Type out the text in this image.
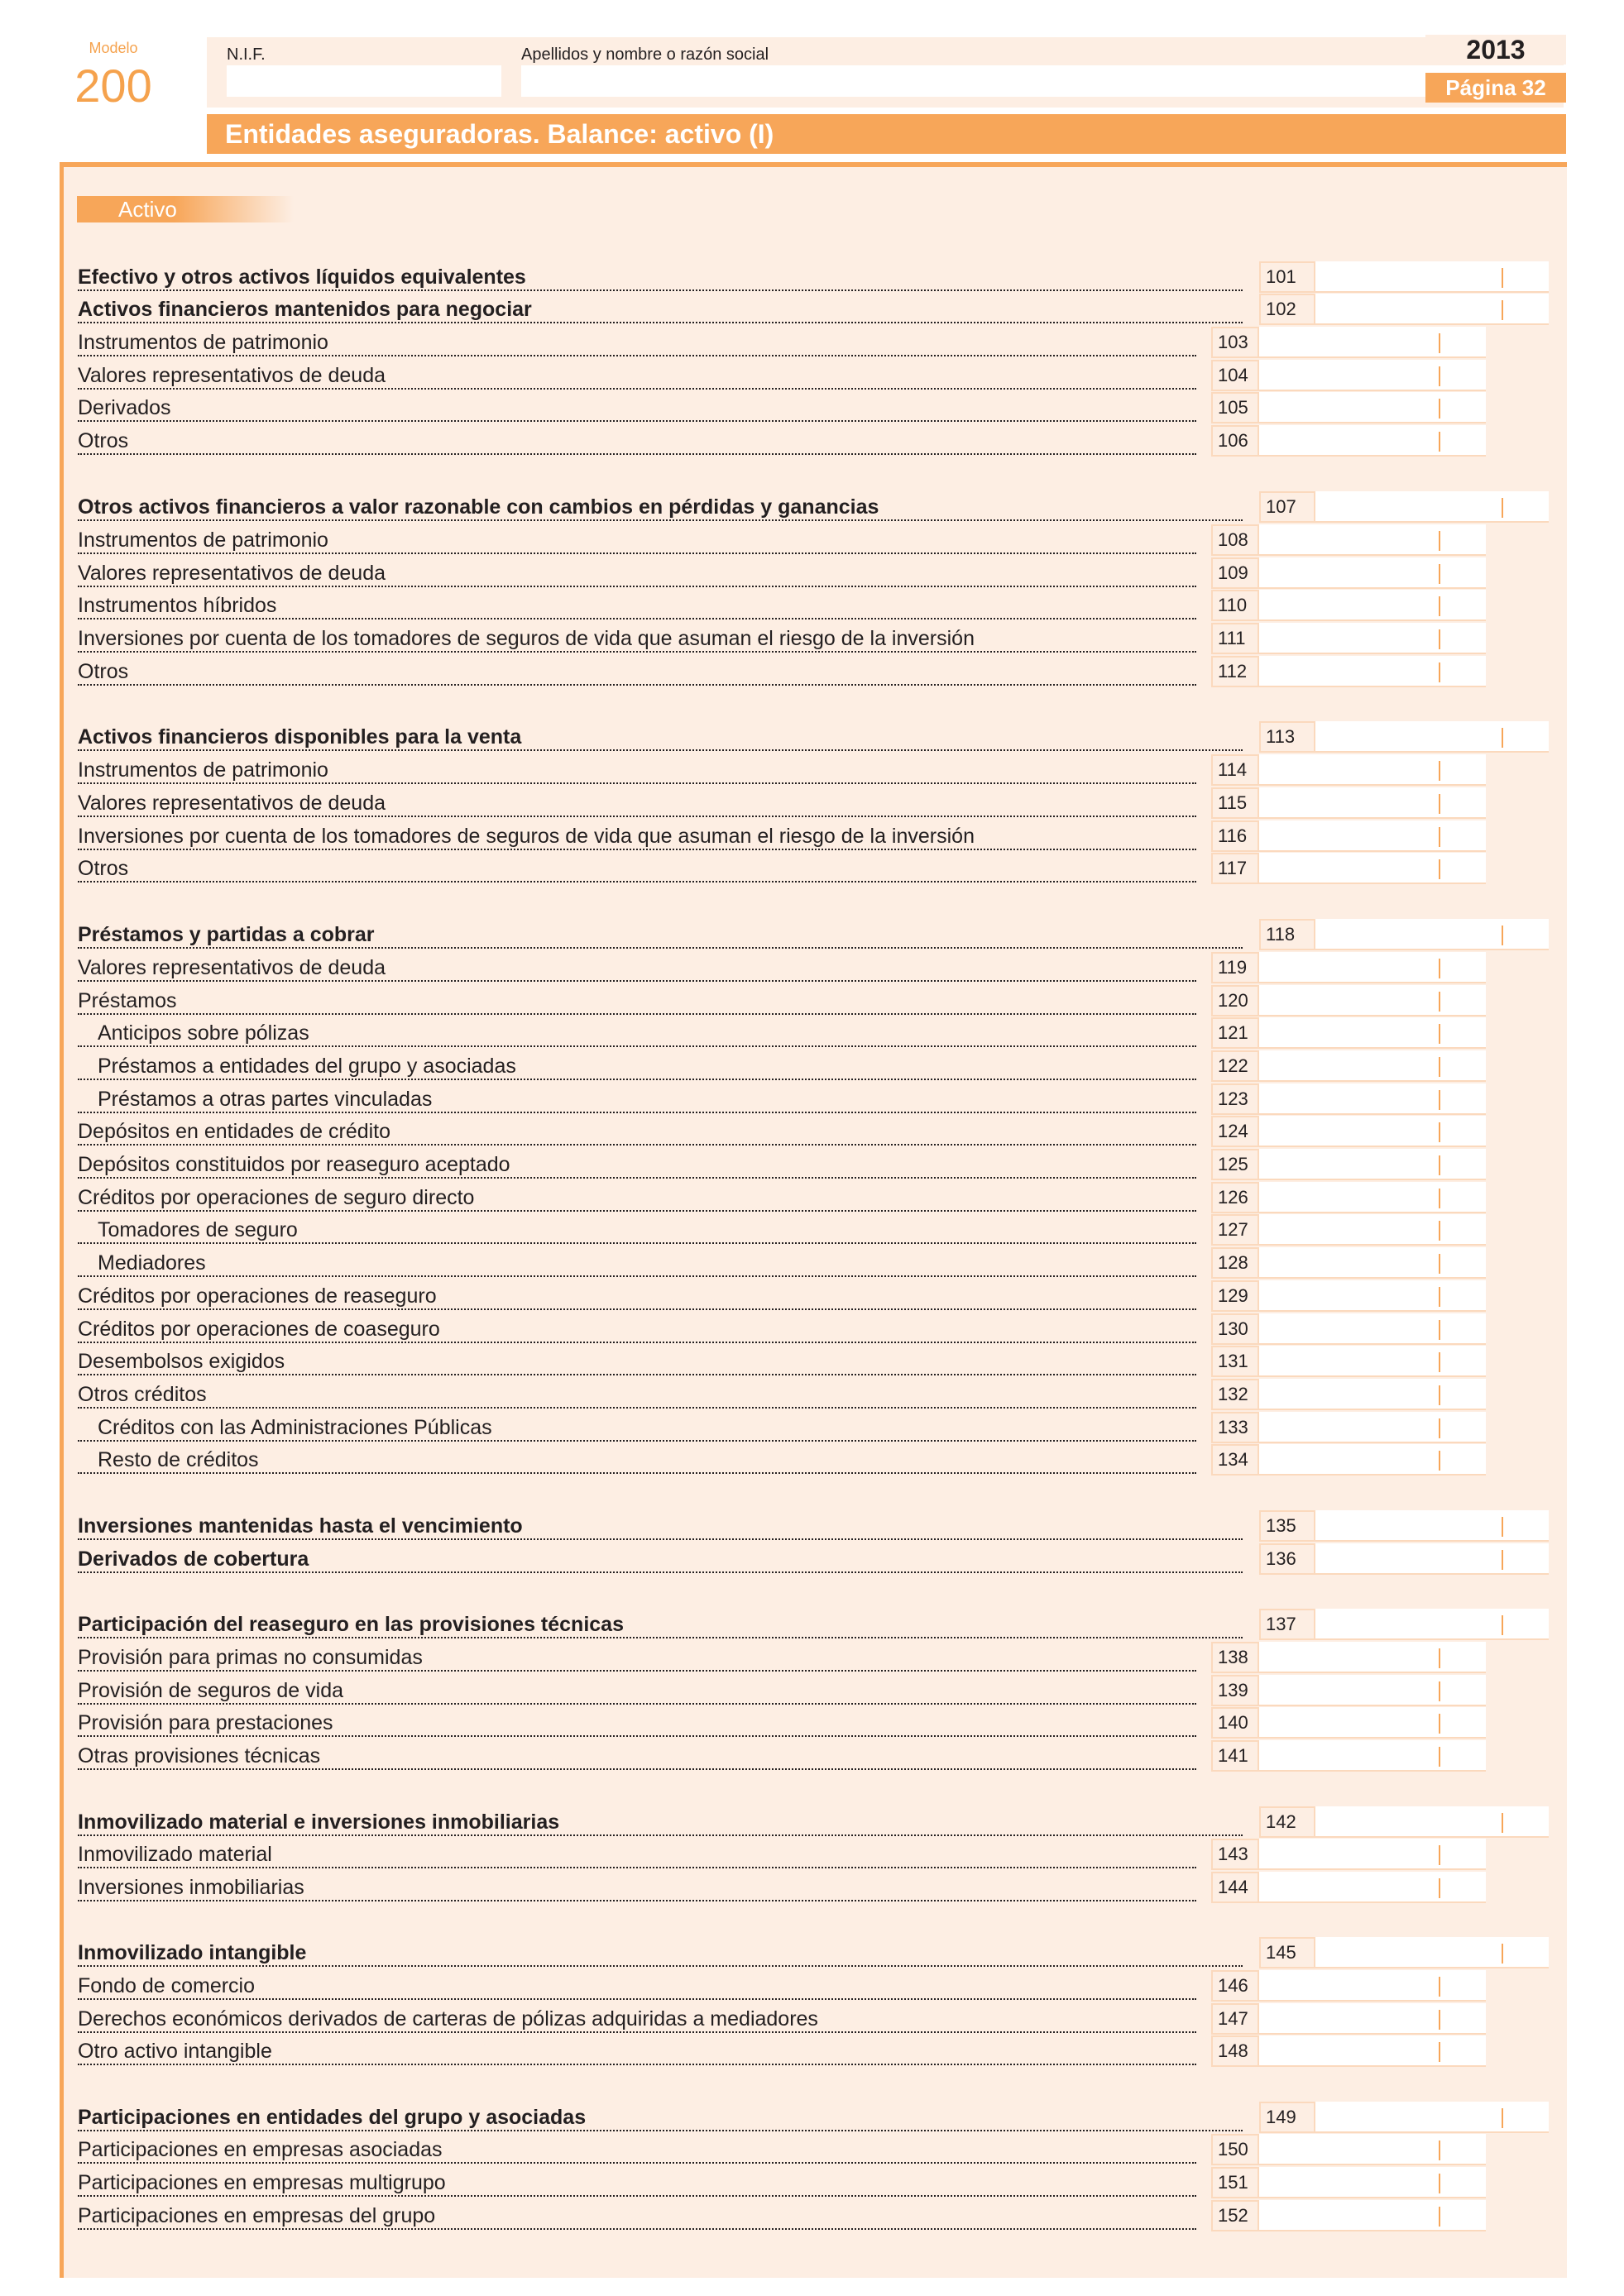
Modelo
200
N.I.F.	Apellidos y nombre o razón social	2013
Página 32
Entidades aseguradoras. Balance: activo (I)
Activo
Efectivo y otros activos líquidos equivalentes	101
Activos financieros mantenidos para negociar	102
Instrumentos de patrimonio	103
Valores representativos de deuda	104
Derivados	105
Otros	106
Otros activos financieros a valor razonable con cambios en pérdidas y ganancias	107
Instrumentos de patrimonio	108
Valores representativos de deuda	109
Instrumentos híbridos	110
Inversiones por cuenta de los tomadores de seguros de vida que asuman el riesgo de la inversión	111
Otros	112
Activos financieros disponibles para la venta	113
Instrumentos de patrimonio	114
Valores representativos de deuda	115
Inversiones por cuenta de los tomadores de seguros de vida que asuman el riesgo de la inversión	116
Otros	117
Préstamos y partidas a cobrar	118
Valores representativos de deuda	119
Préstamos	120
Anticipos sobre pólizas	121
Préstamos a entidades del grupo y asociadas	122
Préstamos a otras partes vinculadas	123
Depósitos en entidades de crédito	124
Depósitos constituidos por reaseguro aceptado	125
Créditos por operaciones de seguro directo	126
Tomadores de seguro	127
Mediadores	128
Créditos por operaciones de reaseguro	129
Créditos por operaciones de coaseguro	130
Desembolsos exigidos	131
Otros créditos	132
Créditos con las Administraciones Públicas	133
Resto de créditos	134
Inversiones mantenidas hasta el vencimiento	135
Derivados de cobertura	136
Participación del reaseguro en las provisiones técnicas	137
Provisión para primas no consumidas	138
Provisión de seguros de vida	139
Provisión para prestaciones	140
Otras provisiones técnicas	141
Inmovilizado material e inversiones inmobiliarias	142
Inmovilizado material	143
Inversiones inmobiliarias	144
Inmovilizado intangible	145
Fondo de comercio	146
Derechos económicos derivados de carteras de pólizas adquiridas a mediadores	147
Otro activo intangible	148
Participaciones en entidades del grupo y asociadas	149
Participaciones en empresas asociadas	150
Participaciones en empresas multigrupo	151
Participaciones en empresas del grupo	152
